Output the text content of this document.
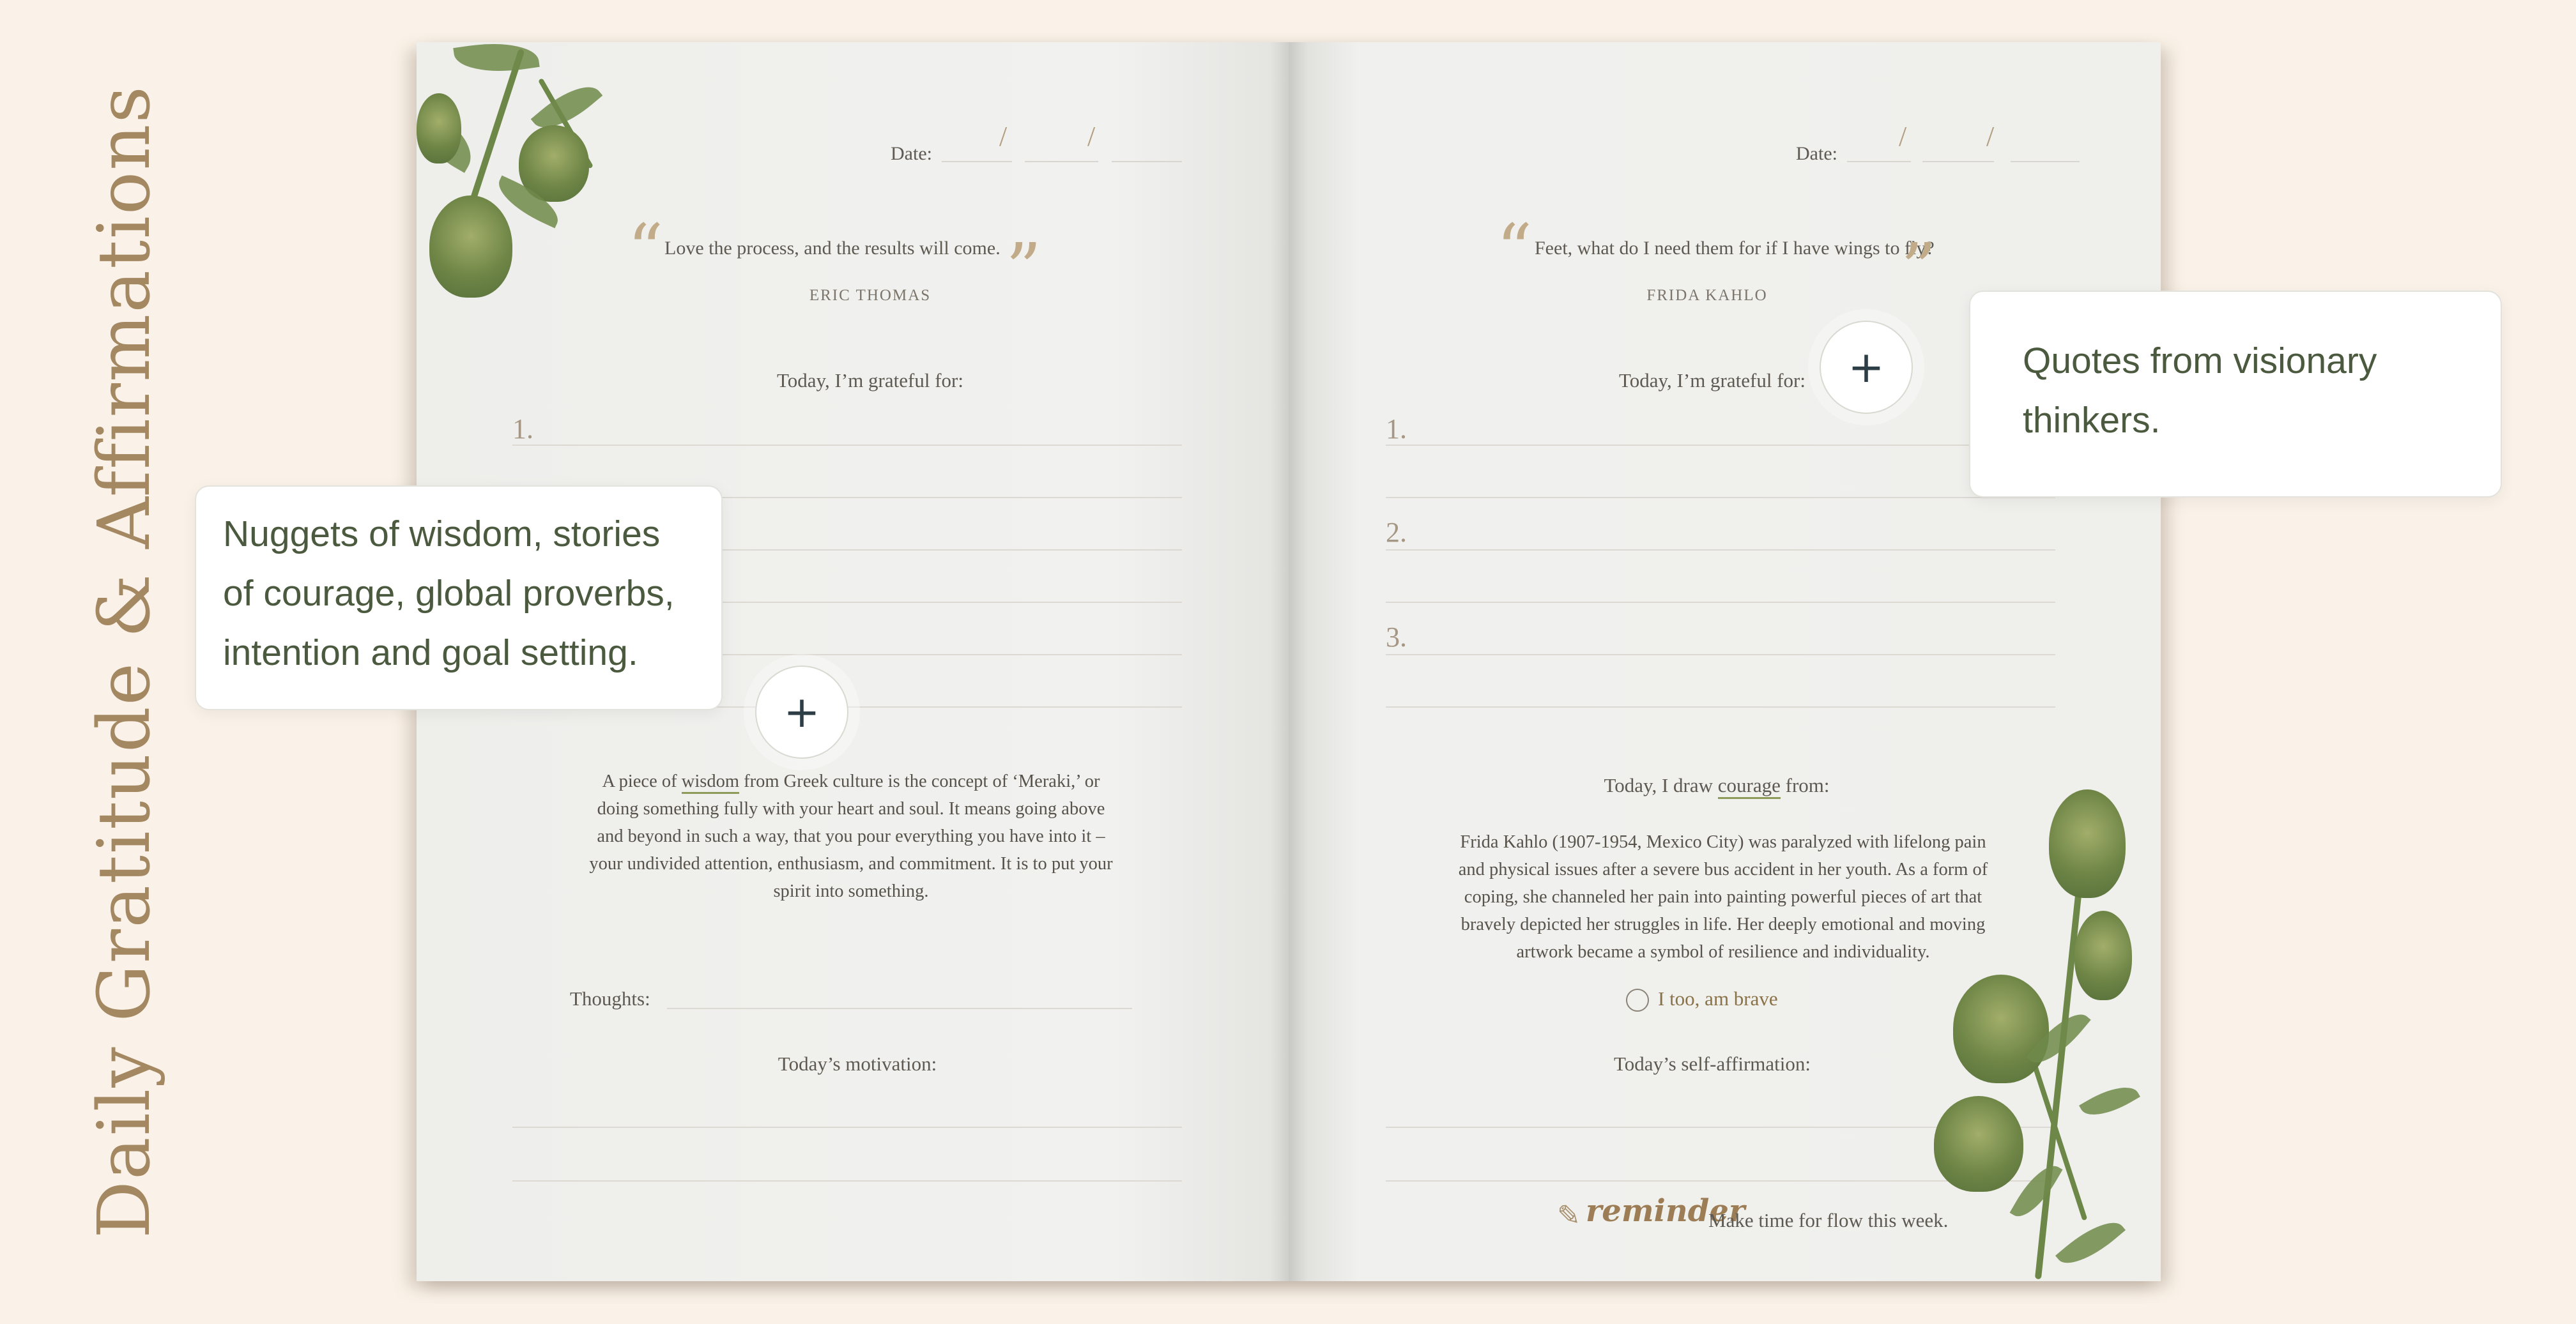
Daily Gratitude & Affirmations	Date:
/	/
“ Love the process, and the results will come. ”
ERIC THOMAS
Today, I’m grateful for:
1.
A piece of wisdom from Greek culture is the concept of ‘Meraki,’ or
doing something fully with your heart and soul. It means going above
and beyond in such a way, that you pour everything you have into it –
your undivided attention, enthusiasm, and commitment. It is to put your
spirit into something.
Thoughts:
Today’s motivation:
Date:
/	/
“ Feet, what do I need them for if I have wings to fly?
”
FRIDA KAHLO
Today, I’m grateful for:
1.
2.
3.
Today, I draw courage from:
Frida Kahlo (1907-1954, Mexico City) was paralyzed with lifelong pain
and physical issues after a severe bus accident in her youth. As a form of
coping, she channeled her pain into painting powerful pieces of art that
bravely depicted her struggles in life. Her deeply emotional and moving
artwork became a symbol of resilience and individuality.
I too, am brave
Today’s self-affirmation:
✎ reminder
Make time for flow this week.
Nuggets of wisdom, stories
of courage, global proverbs,
intention and goal setting.
+
Quotes from visionary
thinkers.
+
